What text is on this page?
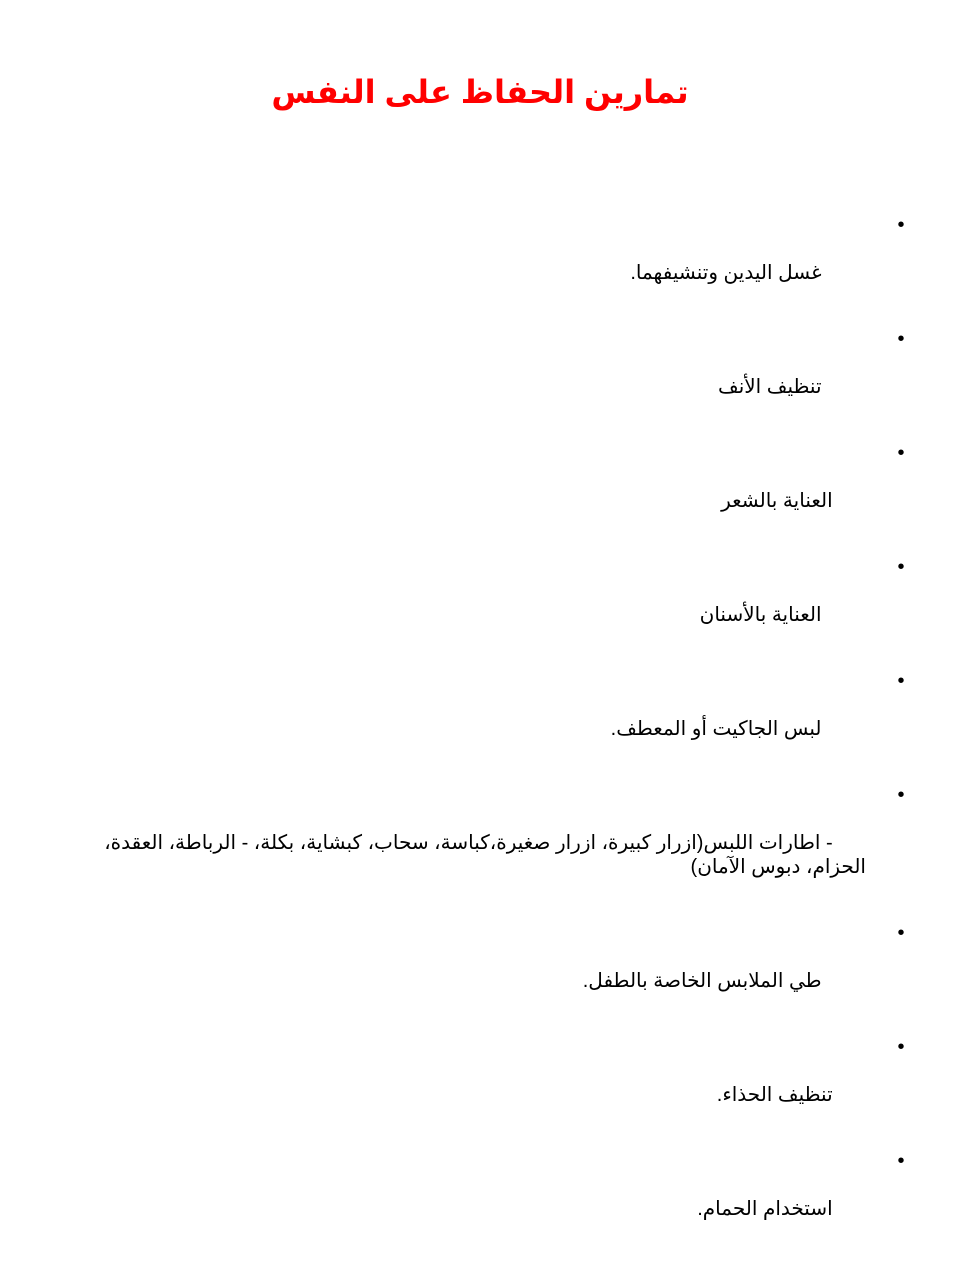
تمارين الحفاظ على النفس

•

غسل اليدين وتنشيفهما.

•

تنظيف الأنف

•

العناية بالشعر

•

العناية بالأسنان

•

لبس الجاكيت أو المعطف.

•

- اطارات اللبس(ازرار كبيرة، ازرار صغيرة،كباسة، سحاب، كبشاية، بكلة، - الرباطة، العقدة، الحزام، دبوس الآمان)

•

طي الملابس الخاصة بالطفل.

•

تنظيف الحذاء.

•

استخدام الحمام.
